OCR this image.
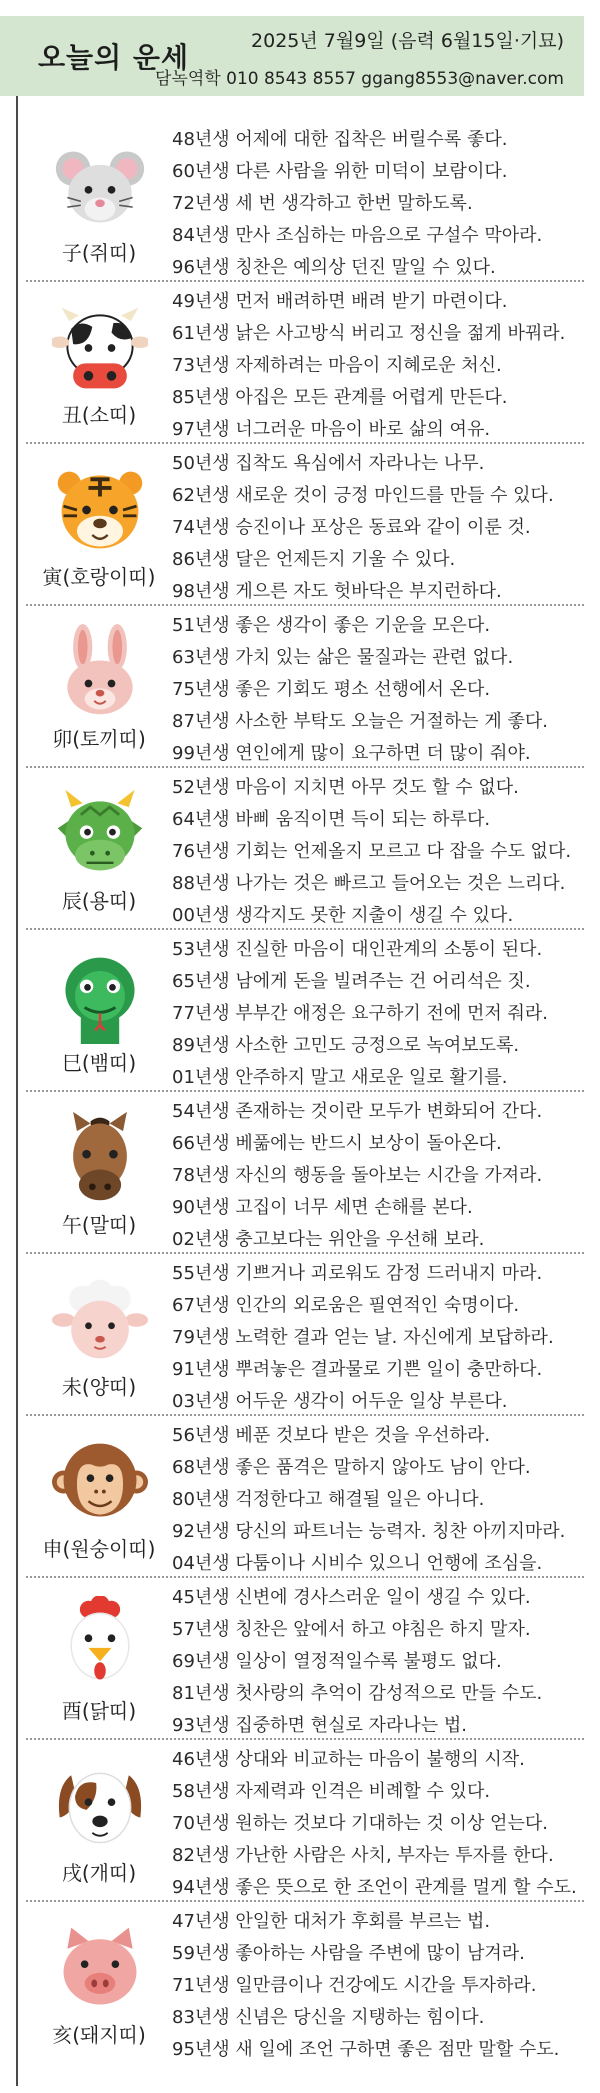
오늘의 운세	2025년 7월9일 (음력 6월15일·기묘)
담녹역학 010 8543 8557 ggang8553@naver.com
子(쥐띠)
48년생 어제에 대한 집착은 버릴수록 좋다.
60년생 다른 사람을 위한 미덕이 보람이다.
72년생 세 번 생각하고 한번 말하도록.
84년생 만사 조심하는 마음으로 구설수 막아라.
96년생 칭찬은 예의상 던진 말일 수 있다.
丑(소띠)
49년생 먼저 배려하면 배려 받기 마련이다.
61년생 낡은 사고방식 버리고 정신을 젊게 바꿔라.
73년생 자제하려는 마음이 지혜로운 처신.
85년생 아집은 모든 관계를 어렵게 만든다.
97년생 너그러운 마음이 바로 삶의 여유.
寅(호랑이띠)
50년생 집착도 욕심에서 자라나는 나무.
62년생 새로운 것이 긍정 마인드를 만들 수 있다.
74년생 승진이나 포상은 동료와 같이 이룬 것.
86년생 달은 언제든지 기울 수 있다.
98년생 게으른 자도 헛바닥은 부지런하다.
卯(토끼띠)
51년생 좋은 생각이 좋은 기운을 모은다.
63년생 가치 있는 삶은 물질과는 관련 없다.
75년생 좋은 기회도 평소 선행에서 온다.
87년생 사소한 부탁도 오늘은 거절하는 게 좋다.
99년생 연인에게 많이 요구하면 더 많이 줘야.
辰(용띠)
52년생 마음이 지치면 아무 것도 할 수 없다.
64년생 바삐 움직이면 득이 되는 하루다.
76년생 기회는 언제올지 모르고 다 잡을 수도 없다.
88년생 나가는 것은 빠르고 들어오는 것은 느리다.
00년생 생각지도 못한 지출이 생길 수 있다.
巳(뱀띠)
53년생 진실한 마음이 대인관계의 소통이 된다.
65년생 남에게 돈을 빌려주는 건 어리석은 짓.
77년생 부부간 애정은 요구하기 전에 먼저 줘라.
89년생 사소한 고민도 긍정으로 녹여보도록.
01년생 안주하지 말고 새로운 일로 활기를.
午(말띠)
54년생 존재하는 것이란 모두가 변화되어 간다.
66년생 베풂에는 반드시 보상이 돌아온다.
78년생 자신의 행동을 돌아보는 시간을 가져라.
90년생 고집이 너무 세면 손해를 본다.
02년생 충고보다는 위안을 우선해 보라.
未(양띠)
55년생 기쁘거나 괴로워도 감정 드러내지 마라.
67년생 인간의 외로움은 필연적인 숙명이다.
79년생 노력한 결과 얻는 날. 자신에게 보답하라.
91년생 뿌려놓은 결과물로 기쁜 일이 충만하다.
03년생 어두운 생각이 어두운 일상 부른다.
申(원숭이띠)
56년생 베푼 것보다 받은 것을 우선하라.
68년생 좋은 품격은 말하지 않아도 남이 안다.
80년생 걱정한다고 해결될 일은 아니다.
92년생 당신의 파트너는 능력자. 칭찬 아끼지마라.
04년생 다툼이나 시비수 있으니 언행에 조심을.
酉(닭띠)
45년생 신변에 경사스러운 일이 생길 수 있다.
57년생 칭찬은 앞에서 하고 야침은 하지 말자.
69년생 일상이 열정적일수록 불평도 없다.
81년생 첫사랑의 추억이 감성적으로 만들 수도.
93년생 집중하면 현실로 자라나는 법.
戌(개띠)
46년생 상대와 비교하는 마음이 불행의 시작.
58년생 자제력과 인격은 비례할 수 있다.
70년생 원하는 것보다 기대하는 것 이상 얻는다.
82년생 가난한 사람은 사치, 부자는 투자를 한다.
94년생 좋은 뜻으로 한 조언이 관계를 멀게 할 수도.
亥(돼지띠)
47년생 안일한 대처가 후회를 부르는 법.
59년생 좋아하는 사람을 주변에 많이 남겨라.
71년생 일만큼이나 건강에도 시간을 투자하라.
83년생 신념은 당신을 지탱하는 힘이다.
95년생 새 일에 조언 구하면 좋은 점만 말할 수도.
